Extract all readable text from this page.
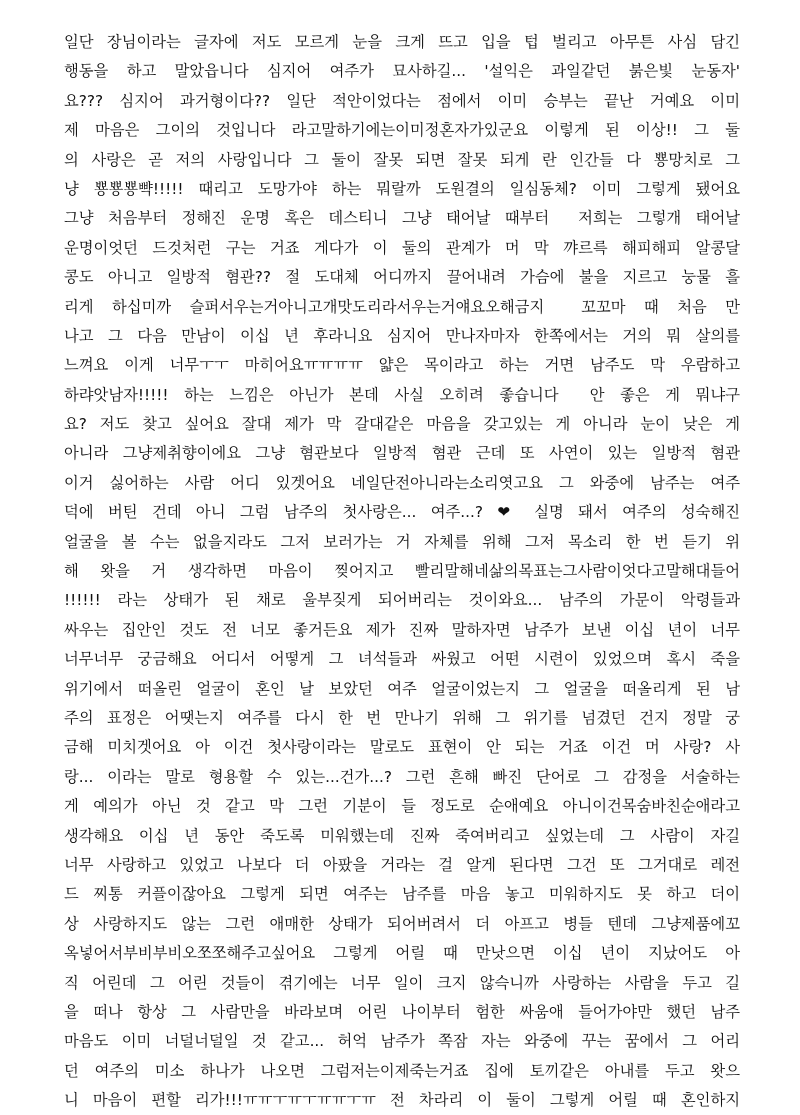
일단 장님이라는 글자에 저도 모르게 눈을 크게 뜨고 입을 텁 벌리고 아무튼 사심 담긴
행동을 하고 말았읍니다 심지어 여주가 묘사하길... '설익은 과일같던 붉은빛 눈동자'
요??? 심지어 과거형이다?? 일단 적안이었다는 점에서 이미 승부는 끝난 거예요 이미
제 마음은 그이의 것입니다 라고말하기에는이미정혼자가있군요 이렇게 된 이상!! 그 둘
의 사랑은 곧 저의 사랑입니다 그 둘이 잘못 되면 잘못 되게 란 인간들 다 뿅망치로 그
냥 뿅뿅뿅뺙!!!!! 때리고 도망가야 하는 뭐랄까 도원결의 일심동체? 이미 그렇게 됐어요
그냥 처음부터 정해진 운명 혹은 데스티니 그냥 태어날 때부터  저희는 그렇개 태어날
운명이엇던 드것처런 구는 거죠 게다가 이 둘의 관계가 머 막 꺄르륵 해피해피 알콩달
콩도 아니고 일방적 혐관?? 절 도대체 어디까지 끌어내려 가슴에 불을 지르고 눙물 흘
리게 하십미까 슬퍼서우는거아니고개맛도리라서우는거얘요오해금지  꼬꼬마 때 처음 만
나고 그 다음 만남이 이십 년 후라니요 심지어 만나자마자 한쪽에서는 거의 뭐 살의를
느껴요 이게 너무ㅜㅜ 마히어요ㅠㅠㅠㅠ 얇은 목이라고 하는 거면 남주도 막 우람하고
하랴앗남자!!!!! 하는 느낌은 아닌가 본데 사실 오히려 좋습니다  안 좋은 게 뭐냐구
요? 저도 찾고 싶어요 잘대 제가 막 갈대같은 마음을 갖고있는 게 아니라 눈이 낮은 게
아니라 그냥제취향이에요 그냥 혐관보다 일방적 혐관 근데 또 사연이 있는 일방적 혐관
이거 싫어하는 사람 어디 있겟어요 네일단전아니라는소리엿고요 그 와중에 남주는 여주
덕에 버틴 건데 아니 그럼 남주의 첫사랑은... 여주...? ❤ 실명 돼서 여주의 성숙해진
얼굴을 볼 수는 없을지라도 그저 보러가는 거 자체를 위해 그저 목소리 한 번 듣기 위
해 왓을 거 생각하면 마음이 찢어지고 빨리말해네삶의목표는그사람이엇다고말해대들어
!!!!!! 라는 상태가 된 채로 울부짖게 되어버리는 것이와요... 남주의 가문이 악령들과
싸우는 집안인 것도 전 너모 좋거든요 제가 진짜 말하자면 남주가 보낸 이십 년이 너무
너무너무 궁금해요 어디서 어떻게 그 녀석들과 싸웠고 어떤 시련이 있었으며 혹시 죽을
위기에서 떠올린 얼굴이 혼인 날 보았던 여주 얼굴이었는지 그 얼굴을 떠올리게 된 남
주의 표정은 어땟는지 여주를 다시 한 번 만나기 위해 그 위기를 넘겼던 건지 정말 궁
금해 미치겟어요 아 이건 첫사랑이라는 말로도 표현이 안 되는 거죠 이건 머 사랑? 사
랑... 이라는 말로 형용할 수 있는...건가...? 그런 흔해 빠진 단어로 그 감정을 서술하는
게 예의가 아닌 것 같고 막 그런 기분이 들 정도로 순애예요 아니이건목숨바친순애라고
생각해요 이십 년 동안 죽도록 미워했는데 진짜 죽여버리고 싶었는데 그 사람이 자길
너무 사랑하고 있었고 나보다 더 아팠을 거라는 걸 알게 된다면 그건 또 그거대로 레전
드 찌통 커플이잖아요 그렇게 되면 여주는 남주를 마음 놓고 미워하지도 못 하고 더이
상 사랑하지도 않는 그런 애매한 상태가 되어버려서 더 아프고 병들 텐데 그냥제품에꼬
옥넣어서부비부비오쪼쪼해주고싶어요 그렇게 어릴 때 만낫으면 이십 년이 지났어도 아
직 어린데 그 어린 것들이 겪기에는 너무 일이 크지 않슥니까 사랑하는 사람을 두고 길
을 떠나 항상 그 사람만을 바라보며 어린 나이부터 험한 싸움애 들어가야만 했던 남주
마음도 이미 너덜너덜일 것 같고... 허억 남주가 쪽잠 자는 와중에 꾸는 꿈에서 그 어리
던 여주의 미소 하나가 나오면 그럼저는이제죽는거죠 집에 토끼같은 아내를 두고 왓으
니 마음이 편할 리가!!!ㅠㅠㅜㅠㅜㅠㅠㅜㅠ 전 차라리 이 둘이 그렇게 어릴 때 혼인하지
